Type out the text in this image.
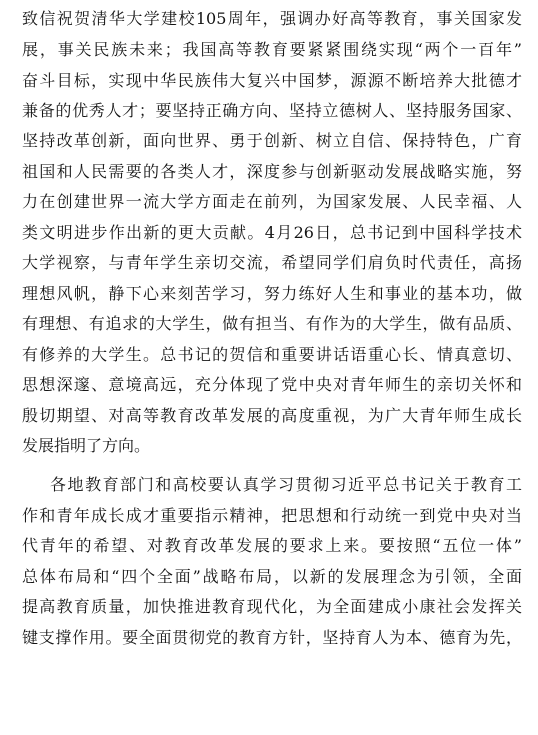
致信祝贺清华大学建校105周年，强调办好高等教育，事关国家发
展，事关民族未来；我国高等教育要紧紧围绕实现“两个一百年”
奋斗目标，实现中华民族伟大复兴中国梦，源源不断培养大批德才
兼备的优秀人才；要坚持正确方向、坚持立德树人、坚持服务国家、
坚持改革创新，面向世界、勇于创新、树立自信、保持特色，广育
祖国和人民需要的各类人才，深度参与创新驱动发展战略实施，努
力在创建世界一流大学方面走在前列，为国家发展、人民幸福、人
类文明进步作出新的更大贡献。4月26日，总书记到中国科学技术
大学视察，与青年学生亲切交流，希望同学们肩负时代责任，高扬
理想风帆，静下心来刻苦学习，努力练好人生和事业的基本功，做
有理想、有追求的大学生，做有担当、有作为的大学生，做有品质、
有修养的大学生。总书记的贺信和重要讲话语重心长、情真意切、
思想深邃、意境高远，充分体现了党中央对青年师生的亲切关怀和
殷切期望、对高等教育改革发展的高度重视，为广大青年师生成长
发展指明了方向。
各地教育部门和高校要认真学习贯彻习近平总书记关于教育工
作和青年成长成才重要指示精神，把思想和行动统一到党中央对当
代青年的希望、对教育改革发展的要求上来。要按照“五位一体”
总体布局和“四个全面”战略布局，以新的发展理念为引领，全面
提高教育质量，加快推进教育现代化，为全面建成小康社会发挥关
键支撑作用。要全面贯彻党的教育方针，坚持育人为本、德育为先，
